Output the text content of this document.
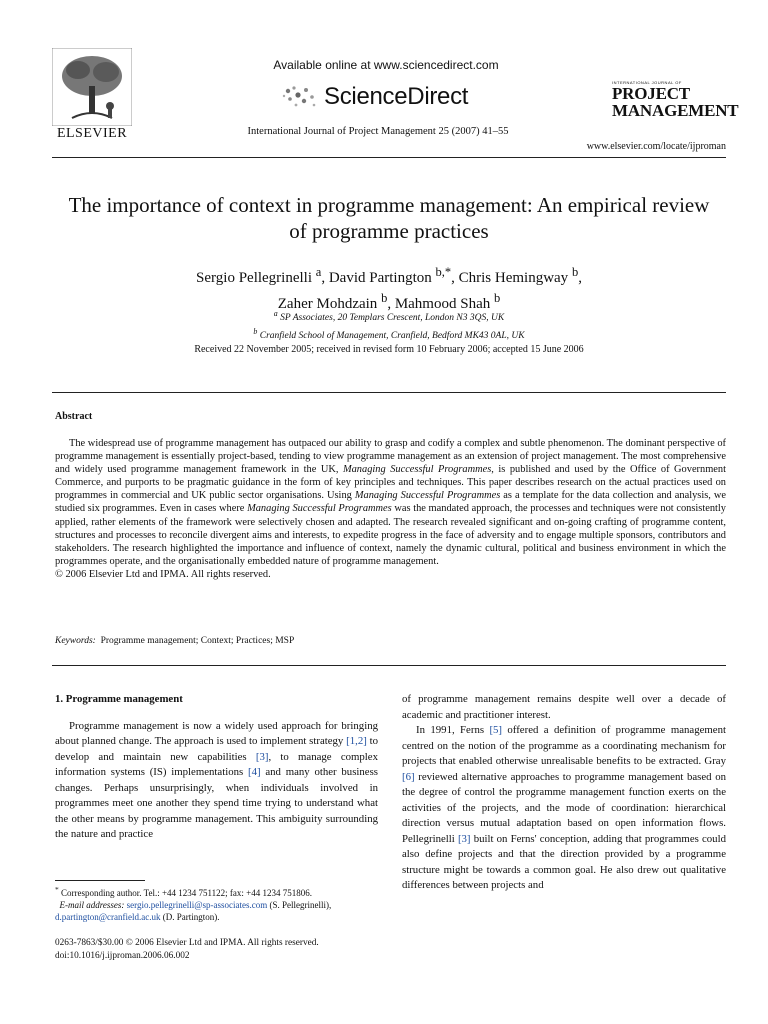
ELSEVIER
Available online at www.sciencedirect.com
ScienceDirect
International Journal of Project Management 25 (2007) 41–55
INTERNATIONAL JOURNAL OF
PROJECT
MANAGEMENT
www.elsevier.com/locate/ijproman
The importance of context in programme management: An empirical review of programme practices
Sergio Pellegrinelli $^a$, David Partington $^{b,*}$, Chris Hemingway $^b$,
Zaher Mohdzain $^b$, Mahmood Shah $^b$
$^a$ SP Associates, 20 Templars Crescent, London N3 3QS, UK
$^b$ Cranfield School of Management, Cranfield, Bedford MK43 0AL, UK
Received 22 November 2005; received in revised form 10 February 2006; accepted 15 June 2006
Abstract

The widespread use of programme management has outpaced our ability to grasp and codify a complex and subtle phenomenon. The dominant perspective of programme management is essentially project-based, tending to view programme management as an extension of project management. The most comprehensive and widely used programme management framework in the UK, Managing Successful Programmes, is published and used by the Office of Government Commerce, and purports to be pragmatic guidance in the form of key principles and techniques. This paper describes research on the actual practices used on programmes in commercial and UK public sector organisations. Using Managing Successful Programmes as a template for the data collection and analysis, we studied six programmes. Even in cases where Managing Successful Programmes was the mandated approach, the processes and techniques were not consistently applied, rather elements of the framework were selectively chosen and adapted. The research revealed significant and on-going crafting of programme content, structures and processes to reconcile divergent aims and interests, to expedite progress in the face of adversity and to engage multiple sponsors, contributors and stakeholders. The research highlighted the importance and influence of context, namely the dynamic cultural, political and business environment in which the programmes operate, and the organisationally embedded nature of programme management.

© 2006 Elsevier Ltd and IPMA. All rights reserved.

Keywords: Programme management; Context; Practices; MSP

1. Programme management

Programme management is now a widely used approach for bringing about planned change. The approach is used to implement strategy [1,2] to develop and maintain new capabilities [3], to manage complex information systems (IS) implementations [4] and many other business changes. Perhaps unsurprisingly, when individuals involved in programmes meet one another they spend time trying to understand what the other means by programme management. This ambiguity surrounding the nature and practice

of programme management remains despite well over a decade of academic and practitioner interest.

In 1991, Ferns [5] offered a definition of programme management centred on the notion of the programme as a coordinating mechanism for projects that enabled otherwise unrealisable benefits to be extracted. Gray [6] reviewed alternative approaches to programme management based on the degree of control the programme management function exerts on the activities of the projects, and the mode of coordination: hierarchical direction versus mutual adaptation based on open information flows. Pellegrinelli [3] built on Ferns' conception, adding that programmes could also define projects and that the direction provided by a programme structure might be towards a common goal. He also drew out qualitative differences between projects and

* Corresponding author. Tel.: +44 1234 751122; fax: +44 1234 751806.
E-mail addresses: sergio.pellegrinelli@sp-associates.com (S. Pellegrinelli), d.partington@cranfield.ac.uk (D. Partington).
0263-7863/$30.00 © 2006 Elsevier Ltd and IPMA. All rights reserved.
doi:10.1016/j.ijproman.2006.06.002
